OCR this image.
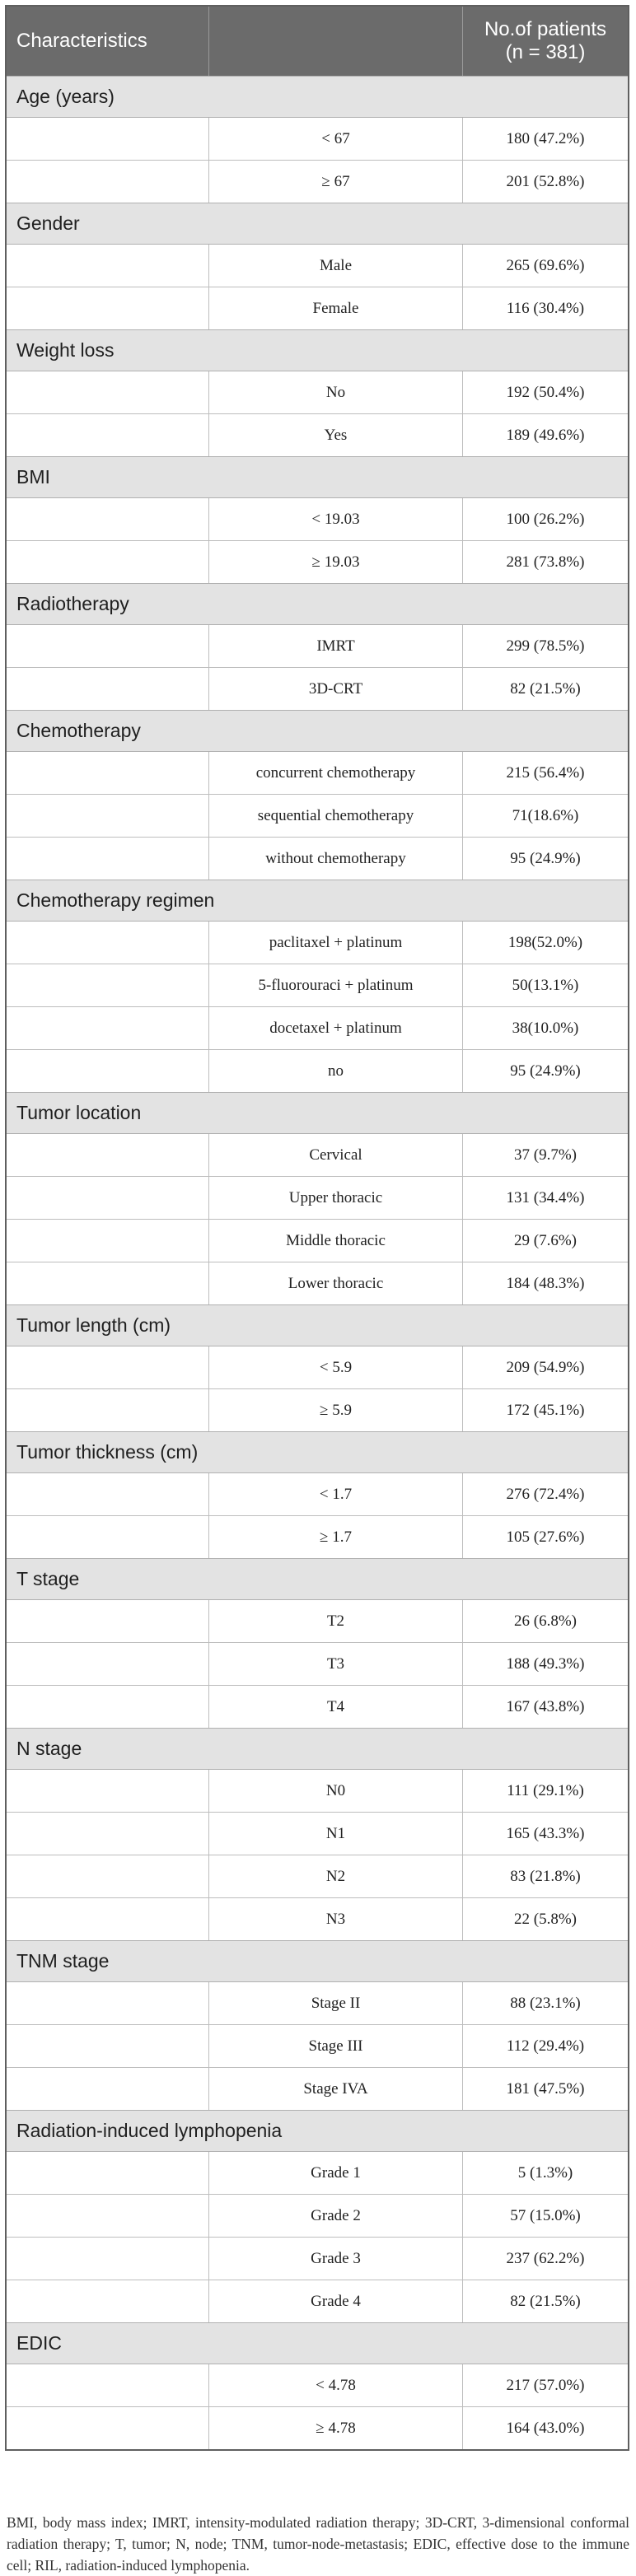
Characteristics
No.of patients
(n = 381)
Age (years)
< 67	180 (47.2%)
≥ 67	201 (52.8%)
Gender
Male	265 (69.6%)
Female	116 (30.4%)
Weight loss
No	192 (50.4%)
Yes	189 (49.6%)
BMI
< 19.03	100 (26.2%)
≥ 19.03	281 (73.8%)
Radiotherapy
IMRT	299 (78.5%)
3D-CRT	82 (21.5%)
Chemotherapy
concurrent chemotherapy	215 (56.4%)
sequential chemotherapy	71(18.6%)
without chemotherapy	95 (24.9%)
Chemotherapy regimen
paclitaxel + platinum	198(52.0%)
5-fluorouraci + platinum	50(13.1%)
docetaxel + platinum	38(10.0%)
no	95 (24.9%)
Tumor location
Cervical	37 (9.7%)
Upper thoracic	131 (34.4%)
Middle thoracic	29 (7.6%)
Lower thoracic	184 (48.3%)
Tumor length (cm)
< 5.9	209 (54.9%)
≥ 5.9	172 (45.1%)
Tumor thickness (cm)
< 1.7	276 (72.4%)
≥ 1.7	105 (27.6%)
T stage
T2	26 (6.8%)
T3	188 (49.3%)
T4	167 (43.8%)
N stage
N0	111 (29.1%)
N1	165 (43.3%)
N2	83 (21.8%)
N3	22 (5.8%)
TNM stage
Stage II	88 (23.1%)
Stage III	112 (29.4%)
Stage IVA	181 (47.5%)
Radiation-induced lymphopenia
Grade 1	5 (1.3%)
Grade 2	57 (15.0%)
Grade 3	237 (62.2%)
Grade 4	82 (21.5%)
EDIC
< 4.78	217 (57.0%)
≥ 4.78	164 (43.0%)
BMI, body mass index; IMRT, intensity-modulated radiation therapy; 3D-CRT, 3-dimensional conformal radiation therapy; T, tumor; N, node; TNM, tumor-node-metastasis; EDIC, effective dose to the immune cell; RIL, radiation-induced lymphopenia.
